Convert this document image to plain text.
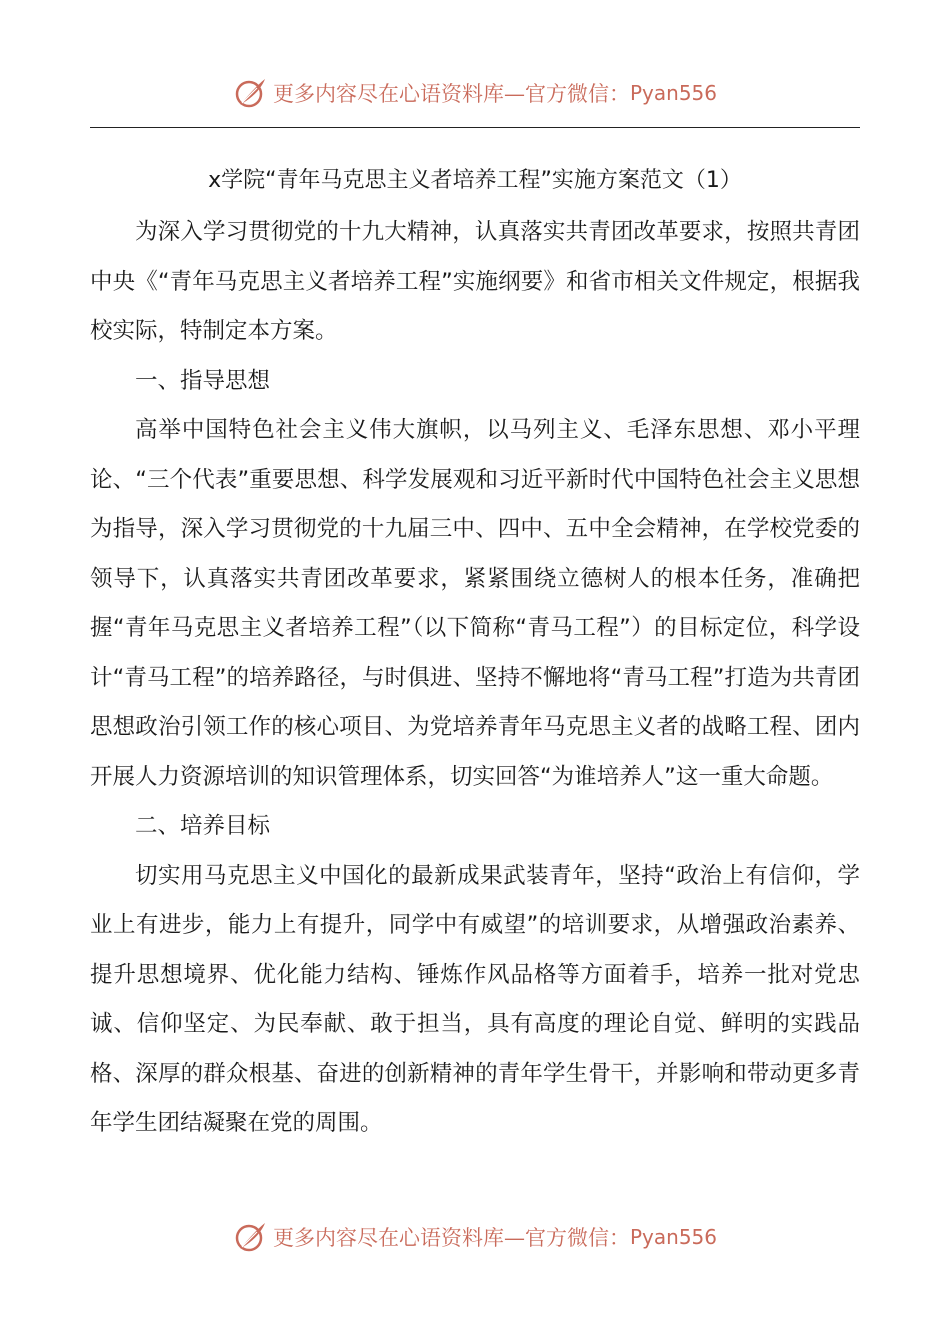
更多内容尽在心语资料库—官方微信： Pyan556
x学院“青年马克思主义者培养工程”实施方案范文（1）

为深入学习贯彻党的十九大精神，认真落实共青团改革要求，按照共青团中央《“青年马克思主义者培养工程”实施纲要》和省市相关文件规定，根据我校实际，特制定本方案。

一、指导思想

高举中国特色社会主义伟大旗帜，以马列主义、毛泽东思想、邓小平理论、“三个代表”重要思想、科学发展观和习近平新时代中国特色社会主义思想为指导，深入学习贯彻党的十九届三中、四中、五中全会精神，在学校党委的领导下，认真落实共青团改革要求，紧紧围绕立德树人的根本任务，准确把握“青年马克思主义者培养工程”（以下简称“青马工程”）的目标定位，科学设计“青马工程”的培养路径，与时俱进、坚持不懈地将“青马工程”打造为共青团思想政治引领工作的核心项目、为党培养青年马克思主义者的战略工程、团内开展人力资源培训的知识管理体系，切实回答“为谁培养人”这一重大命题。

二、培养目标

切实用马克思主义中国化的最新成果武装青年，坚持“政治上有信仰，学业上有进步，能力上有提升，同学中有威望”的培训要求，从增强政治素养、提升思想境界、优化能力结构、锤炼作风品格等方面着手，培养一批对党忠诚、信仰坚定、为民奉献、敢于担当，具有高度的理论自觉、鲜明的实践品格、深厚的群众根基、奋进的创新精神的青年学生骨干，并影响和带动更多青年学生团结凝聚在党的周围。

更多内容尽在心语资料库—官方微信： Pyan556
